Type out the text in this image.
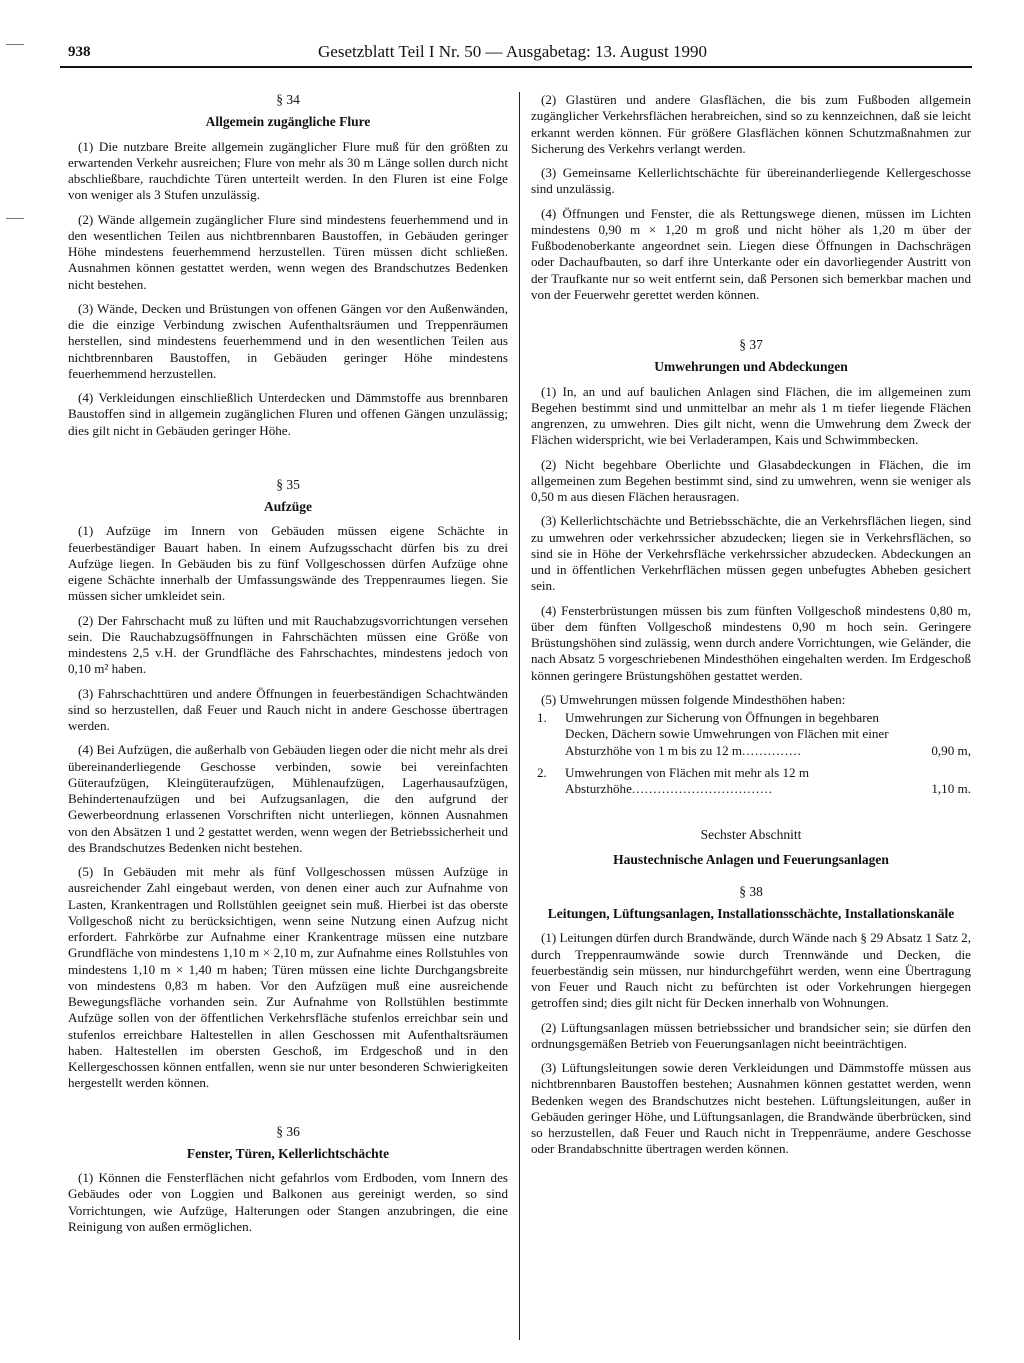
938	Gesetzblatt Teil I Nr. 50 — Ausgabetag: 13. August 1990
§ 34
Allgemein zugängliche Flure

(1) Die nutzbare Breite allgemein zugänglicher Flure muß für den größten zu erwartenden Verkehr ausreichen; Flure von mehr als 30 m Länge sollen durch nicht abschließbare, rauchdichte Türen unterteilt werden. In den Fluren ist eine Folge von weniger als 3 Stufen unzulässig.

(2) Wände allgemein zugänglicher Flure sind mindestens feuerhemmend und in den wesentlichen Teilen aus nichtbrennbaren Baustoffen, in Gebäuden geringer Höhe mindestens feuerhemmend herzustellen. Türen müssen dicht schließen. Ausnahmen können gestattet werden, wenn wegen des Brandschutzes Bedenken nicht bestehen.

(3) Wände, Decken und Brüstungen von offenen Gängen vor den Außenwänden, die die einzige Verbindung zwischen Aufenthaltsräumen und Treppenräumen herstellen, sind mindestens feuerhemmend und in den wesentlichen Teilen aus nichtbrennbaren Baustoffen, in Gebäuden geringer Höhe mindestens feuerhemmend herzustellen.

(4) Verkleidungen einschließlich Unterdecken und Dämmstoffe aus brennbaren Baustoffen sind in allgemein zugänglichen Fluren und offenen Gängen unzulässig; dies gilt nicht in Gebäuden geringer Höhe.

§ 35
Aufzüge

(1) Aufzüge im Innern von Gebäuden müssen eigene Schächte in feuerbeständiger Bauart haben. In einem Aufzugsschacht dürfen bis zu drei Aufzüge liegen. In Gebäuden bis zu fünf Vollgeschossen dürfen Aufzüge ohne eigene Schächte innerhalb der Umfassungswände des Treppenraumes liegen. Sie müssen sicher umkleidet sein.

(2) Der Fahrschacht muß zu lüften und mit Rauchabzugsvorrichtungen versehen sein. Die Rauchabzugsöffnungen in Fahrschächten müssen eine Größe von mindestens 2,5 v.H. der Grundfläche des Fahrschachtes, mindestens jedoch von 0,10 m² haben.

(3) Fahrschachttüren und andere Öffnungen in feuerbeständigen Schachtwänden sind so herzustellen, daß Feuer und Rauch nicht in andere Geschosse übertragen werden.

(4) Bei Aufzügen, die außerhalb von Gebäuden liegen oder die nicht mehr als drei übereinanderliegende Geschosse verbinden, sowie bei vereinfachten Güteraufzügen, Kleingüteraufzügen, Mühlenaufzügen, Lagerhausaufzügen, Behindertenaufzügen und bei Aufzugsanlagen, die den aufgrund der Gewerbeordnung erlassenen Vorschriften nicht unterliegen, können Ausnahmen von den Absätzen 1 und 2 gestattet werden, wenn wegen der Betriebssicherheit und des Brandschutzes Bedenken nicht bestehen.

(5) In Gebäuden mit mehr als fünf Vollgeschossen müssen Aufzüge in ausreichender Zahl eingebaut werden, von denen einer auch zur Aufnahme von Lasten, Krankentragen und Rollstühlen geeignet sein muß. Hierbei ist das oberste Vollgeschoß nicht zu berücksichtigen, wenn seine Nutzung einen Aufzug nicht erfordert. Fahrkörbe zur Aufnahme einer Krankentrage müssen eine nutzbare Grundfläche von mindestens 1,10 m × 2,10 m, zur Aufnahme eines Rollstuhles von mindestens 1,10 m × 1,40 m haben; Türen müssen eine lichte Durchgangsbreite von mindestens 0,83 m haben. Vor den Aufzügen muß eine ausreichende Bewegungsfläche vorhanden sein. Zur Aufnahme von Rollstühlen bestimmte Aufzüge sollen von der öffentlichen Verkehrsfläche stufenlos erreichbar sein und stufenlos erreichbare Haltestellen in allen Geschossen mit Aufenthaltsräumen haben. Haltestellen im obersten Geschoß, im Erdgeschoß und in den Kellergeschossen können entfallen, wenn sie nur unter besonderen Schwierigkeiten hergestellt werden können.

§ 36
Fenster, Türen, Kellerlichtschächte

(1) Können die Fensterflächen nicht gefahrlos vom Erdboden, vom Innern des Gebäudes oder von Loggien und Balkonen aus gereinigt werden, so sind Vorrichtungen, wie Aufzüge, Halterungen oder Stangen anzubringen, die eine Reinigung von außen ermöglichen.

(2) Glastüren und andere Glasflächen, die bis zum Fußboden allgemein zugänglicher Verkehrsflächen herabreichen, sind so zu kennzeichnen, daß sie leicht erkannt werden können. Für größere Glasflächen können Schutzmaßnahmen zur Sicherung des Verkehrs verlangt werden.

(3) Gemeinsame Kellerlichtschächte für übereinanderliegende Kellergeschosse sind unzulässig.

(4) Öffnungen und Fenster, die als Rettungswege dienen, müssen im Lichten mindestens 0,90 m × 1,20 m groß und nicht höher als 1,20 m über der Fußbodenoberkante angeordnet sein. Liegen diese Öffnungen in Dachschrägen oder Dachaufbauten, so darf ihre Unterkante oder ein davorliegender Austritt von der Traufkante nur so weit entfernt sein, daß Personen sich bemerkbar machen und von der Feuerwehr gerettet werden können.

§ 37
Umwehrungen und Abdeckungen

(1) In, an und auf baulichen Anlagen sind Flächen, die im allgemeinen zum Begehen bestimmt sind und unmittelbar an mehr als 1 m tiefer liegende Flächen angrenzen, zu umwehren. Dies gilt nicht, wenn die Umwehrung dem Zweck der Flächen widerspricht, wie bei Verladerampen, Kais und Schwimmbecken.

(2) Nicht begehbare Oberlichte und Glasabdeckungen in Flächen, die im allgemeinen zum Begehen bestimmt sind, sind zu umwehren, wenn sie weniger als 0,50 m aus diesen Flächen herausragen.

(3) Kellerlichtschächte und Betriebsschächte, die an Verkehrsflächen liegen, sind zu umwehren oder verkehrssicher abzudecken; liegen sie in Verkehrsflächen, so sind sie in Höhe der Verkehrsfläche verkehrssicher abzudecken. Abdeckungen an und in öffentlichen Verkehrflächen müssen gegen unbefugtes Abheben gesichert sein.

(4) Fensterbrüstungen müssen bis zum fünften Vollgeschoß mindestens 0,80 m, über dem fünften Vollgeschoß mindestens 0,90 m hoch sein. Geringere Brüstungshöhen sind zulässig, wenn durch andere Vorrichtungen, wie Geländer, die nach Absatz 5 vorgeschriebenen Mindesthöhen eingehalten werden. Im Erdgeschoß können geringere Brüstungshöhen gestattet werden.

(5) Umwehrungen müssen folgende Mindesthöhen haben:

1.	Umwehrungen zur Sicherung von Öffnungen in begehbaren Decken, Dächern sowie Umwehrungen von Flächen mit einer Absturzhöhe von 1 m bis zu 12 m..............	0,90 m,
2.	Umwehrungen von Flächen mit mehr als 12 m Absturzhöhe.................................	1,10 m.
Sechster Abschnitt
Haustechnische Anlagen und Feuerungsanlagen
§ 38
Leitungen, Lüftungsanlagen, Installationsschächte, Installationskanäle

(1) Leitungen dürfen durch Brandwände, durch Wände nach § 29 Absatz 1 Satz 2, durch Treppenraumwände sowie durch Trennwände und Decken, die feuerbeständig sein müssen, nur hindurchgeführt werden, wenn eine Übertragung von Feuer und Rauch nicht zu befürchten ist oder Vorkehrungen hiergegen getroffen sind; dies gilt nicht für Decken innerhalb von Wohnungen.

(2) Lüftungsanlagen müssen betriebssicher und brandsicher sein; sie dürfen den ordnungsgemäßen Betrieb von Feuerungsanlagen nicht beeinträchtigen.

(3) Lüftungsleitungen sowie deren Verkleidungen und Dämmstoffe müssen aus nichtbrennbaren Baustoffen bestehen; Ausnahmen können gestattet werden, wenn Bedenken wegen des Brandschutzes nicht bestehen. Lüftungsleitungen, außer in Gebäuden geringer Höhe, und Lüftungsanlagen, die Brandwände überbrücken, sind so herzustellen, daß Feuer und Rauch nicht in Treppenräume, andere Geschosse oder Brandabschnitte übertragen werden können.
